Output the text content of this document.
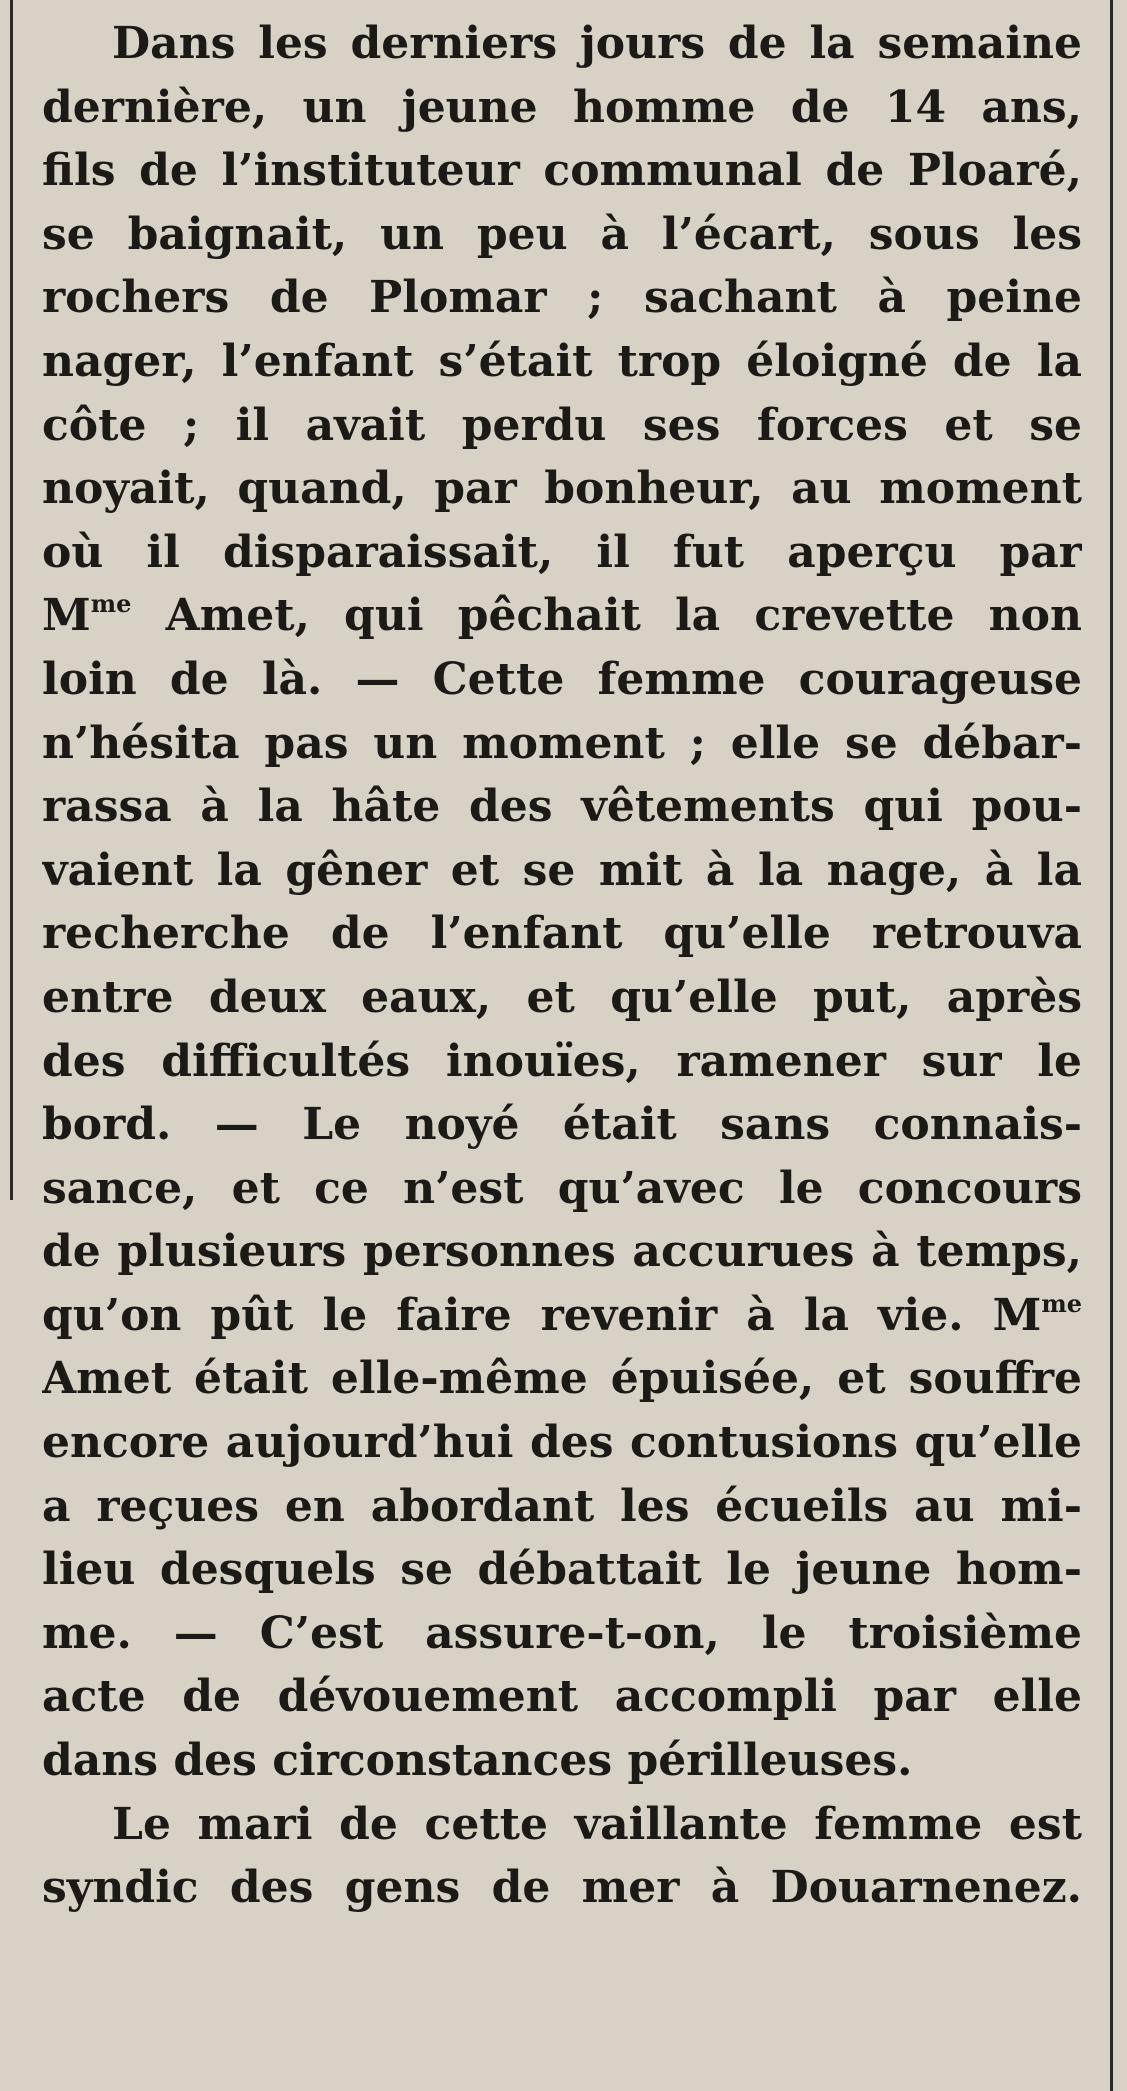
Dans les derniers jours de la semaine
dernière, un jeune homme de 14 ans,
fils de l’instituteur communal de Ploaré,
se baignait, un peu à l’écart, sous les
rochers de Plomar ; sachant à peine
nager, l’enfant s’était trop éloigné de la
côte ; il avait perdu ses forces et se
noyait, quand, par bonheur, au moment
où il disparaissait, il fut aperçu par
$M^{me}$ Amet, qui pêchait la crevette non
loin de là. — Cette femme courageuse
n’hésita pas un moment ; elle se débar-
rassa à la hâte des vêtements qui pou-
vaient la gêner et se mit à la nage, à la
recherche de l’enfant qu’elle retrouva
entre deux eaux, et qu’elle put, après
des difficultés inouïes, ramener sur le
bord. — Le noyé était sans connais-
sance, et ce n’est qu’avec le concours
de plusieurs personnes accurues à temps,
qu’on pût le faire revenir à la vie. $M^{me}$
Amet était elle-même épuisée, et souffre
encore aujourd’hui des contusions qu’elle
a reçues en abordant les écueils au mi-
lieu desquels se débattait le jeune hom-
me. — C’est assure-t-on, le troisième
acte de dévouement accompli par elle
dans des circonstances périlleuses.
Le mari de cette vaillante femme est
syndic des gens de mer à Douarnenez.
